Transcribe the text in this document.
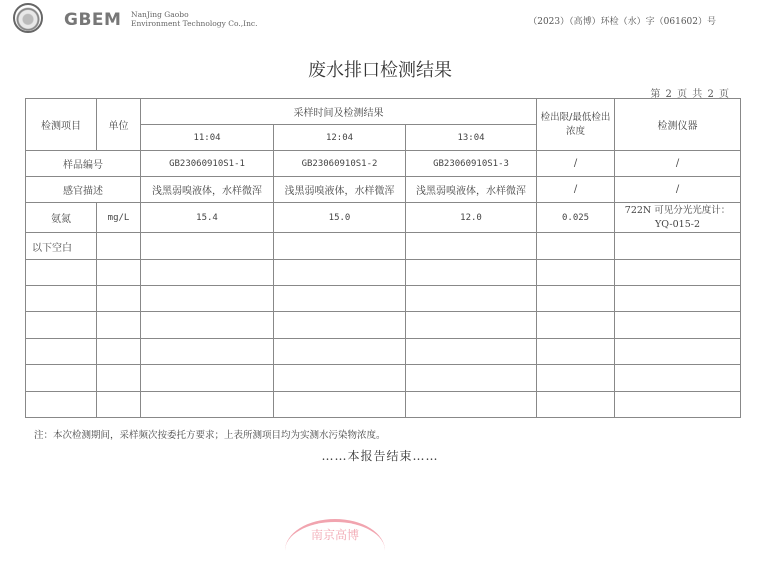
GBEM NanJing Gaobo
Environment Technology Co.,Inc.	（2023）（高博）环检（水）字（061602）号
废水排口检测结果
第 2 页 共 2 页
检测项目	单位	采样时间及检测结果			检出限/最低检出浓度	检测仪器
		11:04	12:04	13:04		
样品编号		GB23060910S1-1	GB23060910S1-2	GB23060910S1-3	/	/
感官描述		浅黑弱嗅液体，水样微浑	浅黑弱嗅液体，水样微浑	浅黑弱嗅液体，水样微浑	/	/
氨氮	mg/L	15.4	15.0	12.0	0.025	722N 可见分光光度计：YQ-015-2
以下空白						

注：本次检测期间，采样频次按委托方要求；上表所测项目均为实测水污染物浓度。
……本报告结束……
南京高博
